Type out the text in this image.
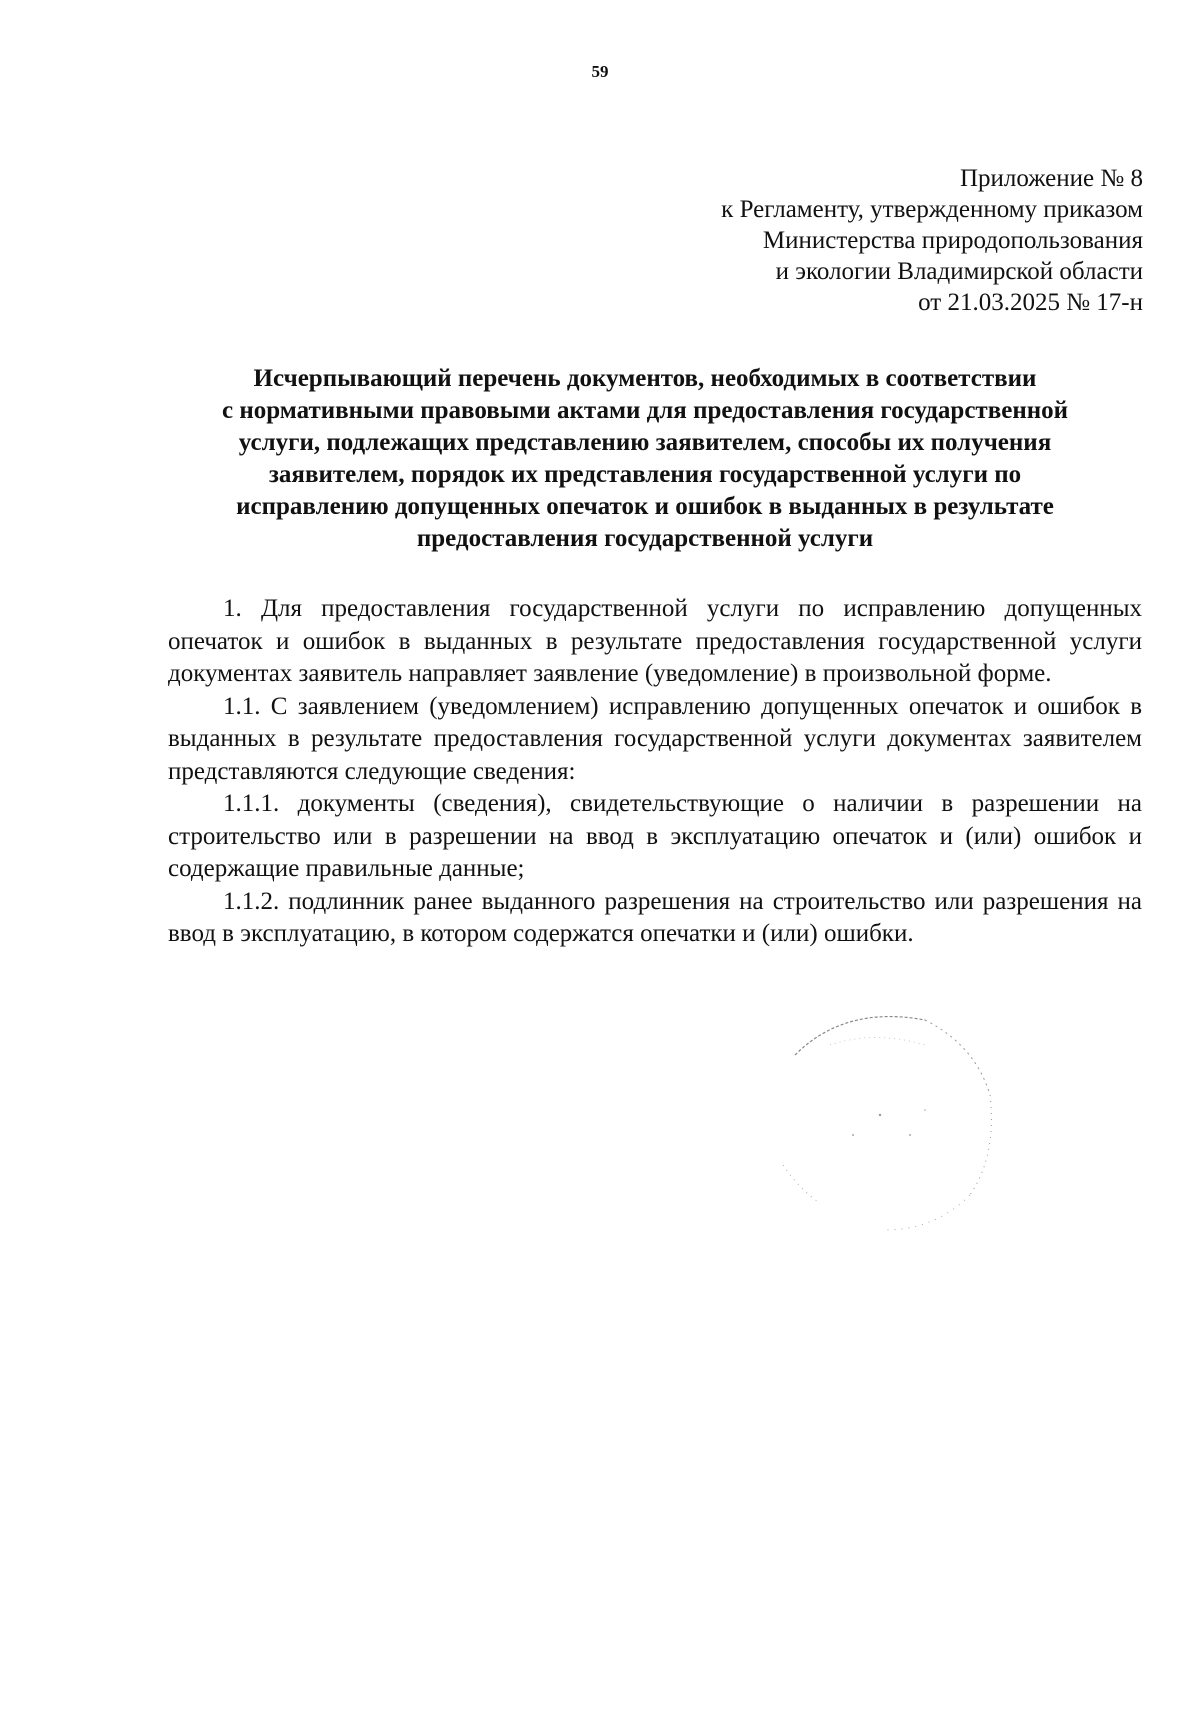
59
Приложение № 8
к Регламенту, утвержденному приказом
Министерства природопользования
и экологии Владимирской области
от 21.03.2025 № 17-н
Исчерпывающий перечень документов, необходимых в соответствии
с нормативными правовыми актами для предоставления государственной
услуги, подлежащих представлению заявителем, способы их получения
заявителем, порядок их представления государственной услуги по
исправлению допущенных опечаток и ошибок в выданных в результате
предоставления государственной услуги

1. Для предоставления государственной услуги по исправлению допущенных опечаток и ошибок в выданных в результате предоставления государственной услуги документах заявитель направляет заявление (уведомление) в произвольной форме.

1.1. С заявлением (уведомлением) исправлению допущенных опечаток и ошибок в выданных в результате предоставления государственной услуги документах заявителем представляются следующие сведения:

1.1.1. документы (сведения), свидетельствующие о наличии в разрешении на строительство или в разрешении на ввод в эксплуатацию опечаток и (или) ошибок и содержащие правильные данные;

1.1.2. подлинник ранее выданного разрешения на строительство или разрешения на ввод в эксплуатацию, в котором содержатся опечатки и (или) ошибки.
